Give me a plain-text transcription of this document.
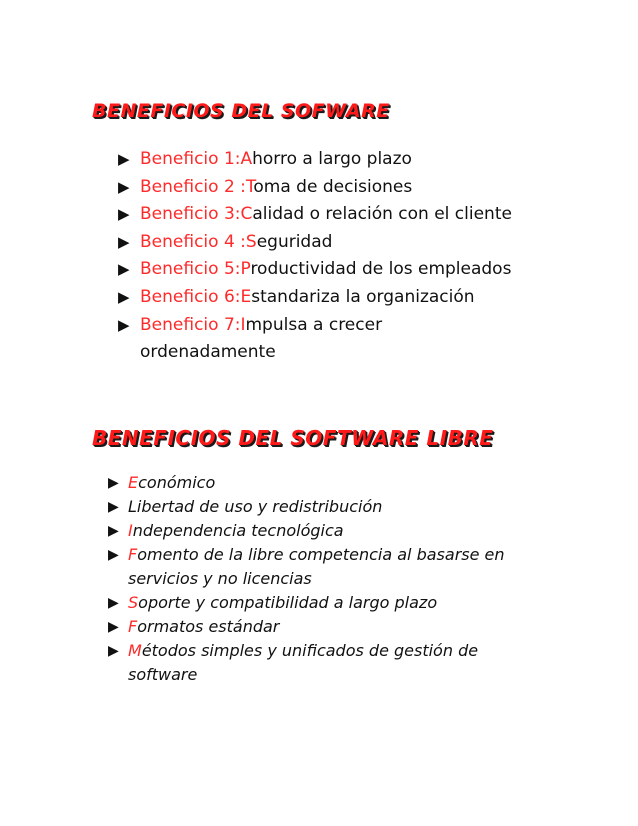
BENEFICIOS DEL SOFWARE
▶ Beneficio 1:Ahorro a largo plazo
▶ Beneficio 2 :Toma de decisiones
▶ Beneficio 3:Calidad o relación con el cliente
▶ Beneficio 4 :Seguridad
▶ Beneficio 5:Productividad de los empleados
▶ Beneficio 6:Estandariza la organización
▶ Beneficio 7:Impulsa a crecer ordenadamente
BENEFICIOS DEL SOFTWARE LIBRE
▶ Económico
▶ Libertad de uso y redistribución
▶ Independencia tecnológica
▶ Fomento de la libre competencia al basarse en servicios y no licencias
▶ Soporte y compatibilidad a largo plazo
▶ Formatos estándar
▶ Métodos simples y unificados de gestión de software
